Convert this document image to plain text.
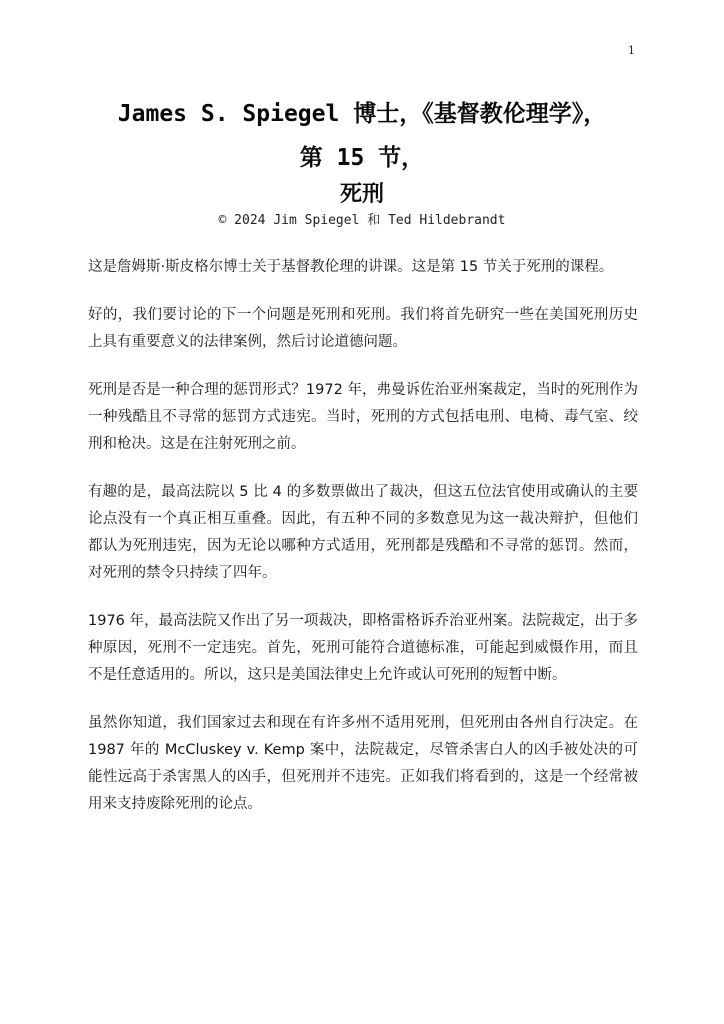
1
James S. Spiegel 博士，《基督教伦理学》，
第 15 节，
死刑
© 2024 Jim Spiegel 和 Ted Hildebrandt

这是詹姆斯·斯皮格尔博士关于基督教伦理的讲课。这是第 15 节关于死刑的课程。

好的，我们要讨论的下一个问题是死刑和死刑。我们将首先研究一些在美国死刑历史上具有重要意义的法律案例，然后讨论道德问题。

死刑是否是一种合理的惩罚形式？1972 年，弗曼诉佐治亚州案裁定，当时的死刑作为一种残酷且不寻常的惩罚方式违宪。当时，死刑的方式包括电刑、电椅、毒气室、绞刑和枪决。这是在注射死刑之前。

有趣的是，最高法院以 5 比 4 的多数票做出了裁决，但这五位法官使用或确认的主要论点没有一个真正相互重叠。因此，有五种不同的多数意见为这一裁决辩护，但他们都认为死刑违宪，因为无论以哪种方式适用，死刑都是残酷和不寻常的惩罚。然而，对死刑的禁令只持续了四年。

1976 年，最高法院又作出了另一项裁决，即格雷格诉乔治亚州案。法院裁定，出于多种原因，死刑不一定违宪。首先，死刑可能符合道德标准，可能起到威慑作用，而且不是任意适用的。所以，这只是美国法律史上允许或认可死刑的短暂中断。

虽然你知道，我们国家过去和现在有许多州不适用死刑，但死刑由各州自行决定。在 1987 年的 McCluskey v. Kemp 案中，法院裁定，尽管杀害白人的凶手被处决的可能性远高于杀害黑人的凶手，但死刑并不违宪。正如我们将看到的，这是一个经常被用来支持废除死刑的论点。
